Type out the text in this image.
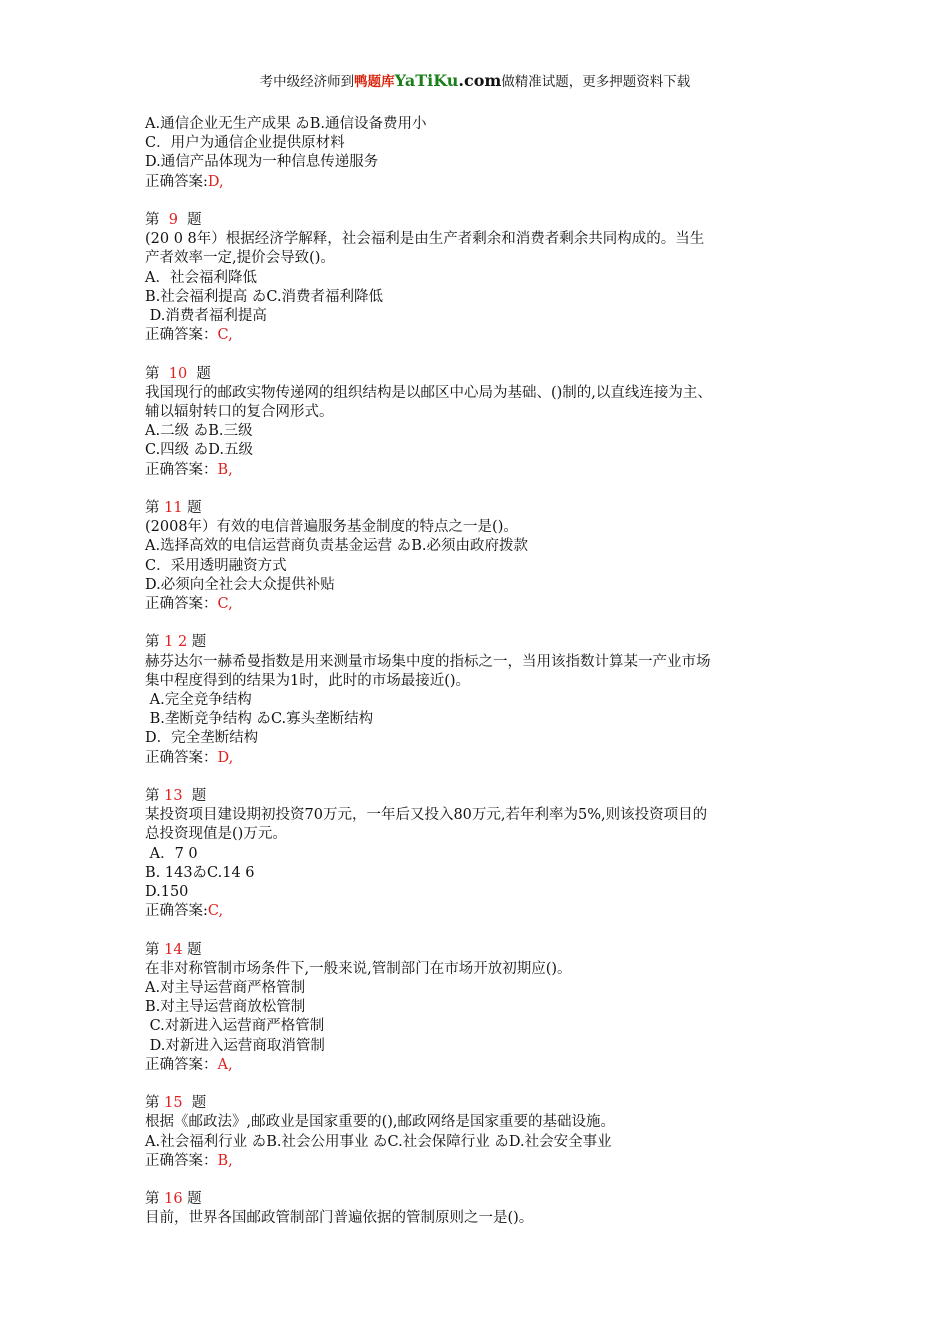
考中级经济师到鸭题库YaTiKu.com做精准试题，更多押题资料下载

A.通信企业无生产成果 ゐB.通信设备费用小

C．用户为通信企业提供原材料

D.通信产品体现为一种信息传递服务

正确答案:D,

第  9  题

(20 0 8年）根据经济学解释，社会福利是由生产者剩余和消费者剩余共同构成的。当生

产者效率一定,提价会导致()。

A．社会福利降低

B.社会福利提高 ゐC.消费者福利降低

D.消费者福利提高

正确答案：C,

第  10  题

我国现行的邮政实物传递网的组织结构是以邮区中心局为基础、()制的,以直线连接为主、

辅以辐射转口的复合网形式。

A.二级 ゐB.三级

C.四级 ゐD.五级

正确答案：B,

第 11 题

(2008年）有效的电信普遍服务基金制度的特点之一是()。

A.选择高效的电信运营商负责基金运营 ゐB.必须由政府拨款

C．采用透明融资方式

D.必须向全社会大众提供补贴

正确答案：C,

第 1 2 题

赫芬达尔一赫希曼指数是用来测量市场集中度的指标之一，当用该指数计算某一产业市场

集中程度得到的结果为1时，此时的市场最接近()。

A.完全竞争结构

B.垄断竞争结构 ゐC.寡头垄断结构

D．完全垄断结构

正确答案：D,

第 13  题

某投资项目建设期初投资70万元，一年后又投入80万元,若年利率为5%,则该投资项目的

总投资现值是()万元。

A．7 0

B. 143ゐC.14 6

D.150

正确答案:C,

第 14 题

在非对称管制市场条件下,一般来说,管制部门在市场开放初期应()。

A.对主导运营商严格管制

B.对主导运营商放松管制

C.对新进入运营商严格管制

D.对新进入运营商取消管制

正确答案：A,

第 15  题

根据《邮政法》,邮政业是国家重要的(),邮政网络是国家重要的基础设施。

A.社会福利行业 ゐB.社会公用事业 ゐC.社会保障行业 ゐD.社会安全事业

正确答案：B,

第 16 题

目前，世界各国邮政管制部门普遍依据的管制原则之一是()。
